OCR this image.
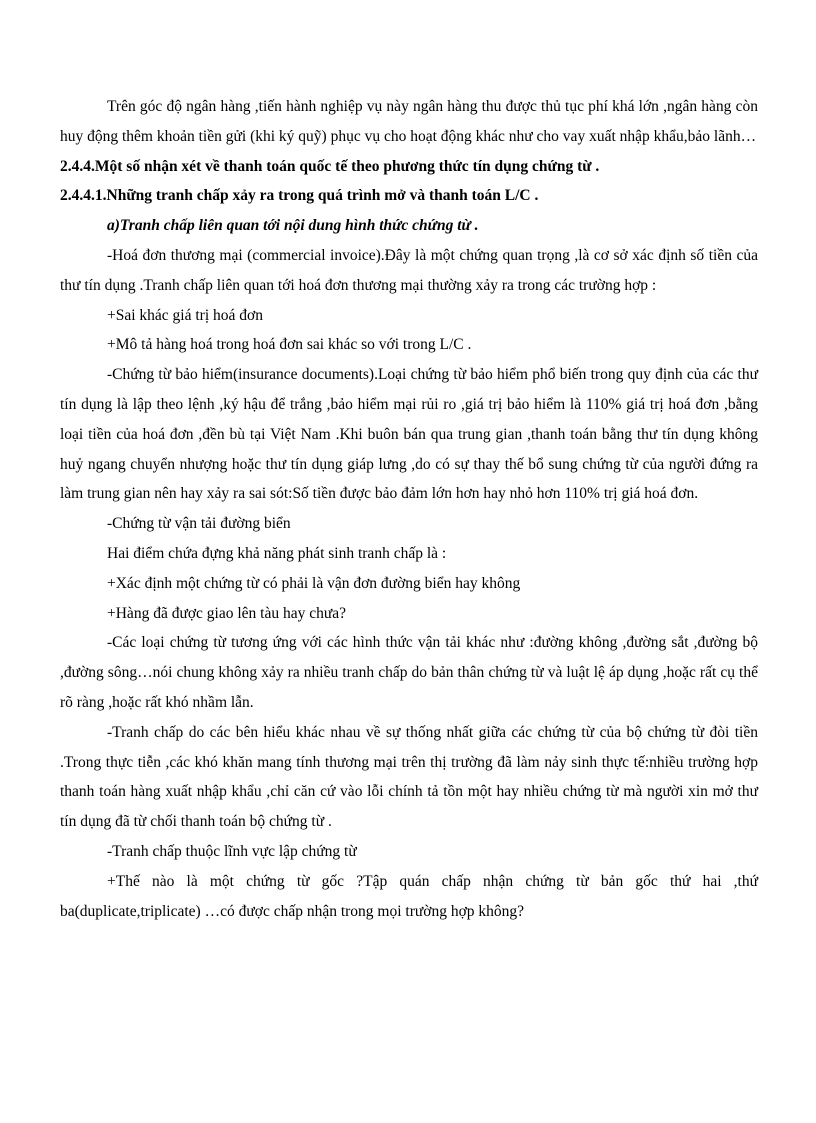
Trên góc độ ngân hàng ,tiến hành nghiệp vụ này ngân hàng thu được thủ tục phí khá lớn ,ngân hàng còn huy động thêm khoản tiền gửi (khi ký quỹ) phục vụ cho hoạt động khác như cho vay xuất nhập khẩu,bảo lãnh…

2.4.4.Một số nhận xét về thanh toán quốc tế theo phương thức tín dụng chứng từ .

2.4.4.1.Những tranh chấp xảy ra trong quá trình mở và thanh toán L/C .

a)Tranh chấp liên quan tới nội dung hình thức chứng từ .

-Hoá đơn thương mại (commercial invoice).Đây là một chứng quan trọng ,là cơ sở xác định số tiền của thư tín dụng .Tranh chấp liên quan tới hoá đơn thương mại thường xảy ra trong các trường hợp :

+Sai khác giá trị hoá đơn

+Mô tả hàng hoá trong hoá đơn sai khác so với trong L/C .

-Chứng từ bảo hiểm(insurance documents).Loại chứng từ bảo hiểm phổ biến trong quy định của các thư tín dụng là lập theo lệnh ,ký hậu để trắng ,bảo hiểm mại rủi ro ,giá trị bảo hiểm là 110% giá trị hoá đơn ,bằng loại tiền của hoá đơn ,đền bù tại Việt Nam .Khi buôn bán qua trung gian ,thanh toán bằng thư tín dụng không huỷ ngang chuyển nhượng hoặc thư tín dụng giáp lưng ,do có sự thay thế bổ sung chứng từ của người đứng ra làm trung gian nên hay xảy ra sai sót:Số tiền được bảo đảm lớn hơn hay nhỏ hơn 110% trị giá hoá đơn.

-Chứng từ vận tải đường biển

Hai điểm chứa đựng khả năng phát sinh tranh chấp là :

+Xác định một chứng từ có phải là vận đơn đường biển hay không

+Hàng đã được giao lên tàu hay chưa?

-Các loại chứng từ tương ứng với các hình thức vận tải khác như :đường không ,đường sắt ,đường bộ ,đường sông…nói chung không xảy ra nhiều tranh chấp do bản thân chứng từ và luật lệ áp dụng ,hoặc rất cụ thể rõ ràng ,hoặc rất khó nhầm lẫn.

-Tranh chấp do các bên hiểu khác nhau về sự thống nhất giữa các chứng từ của bộ chứng từ đòi tiền .Trong thực tiễn ,các khó khăn mang tính thương mại trên thị trường đã làm nảy sinh thực tế:nhiều trường hợp thanh toán hàng xuất nhập khẩu ,chỉ căn cứ vào lỗi chính tả tồn một hay nhiều chứng từ mà người xin mở thư tín dụng đã từ chối thanh toán bộ chứng từ .

-Tranh chấp thuộc lĩnh vực lập chứng từ

+Thế nào là một chứng từ gốc ?Tập quán chấp nhận chứng từ bản gốc thứ hai ,thứ ba(duplicate,triplicate) …có được chấp nhận trong mọi trường hợp không?
